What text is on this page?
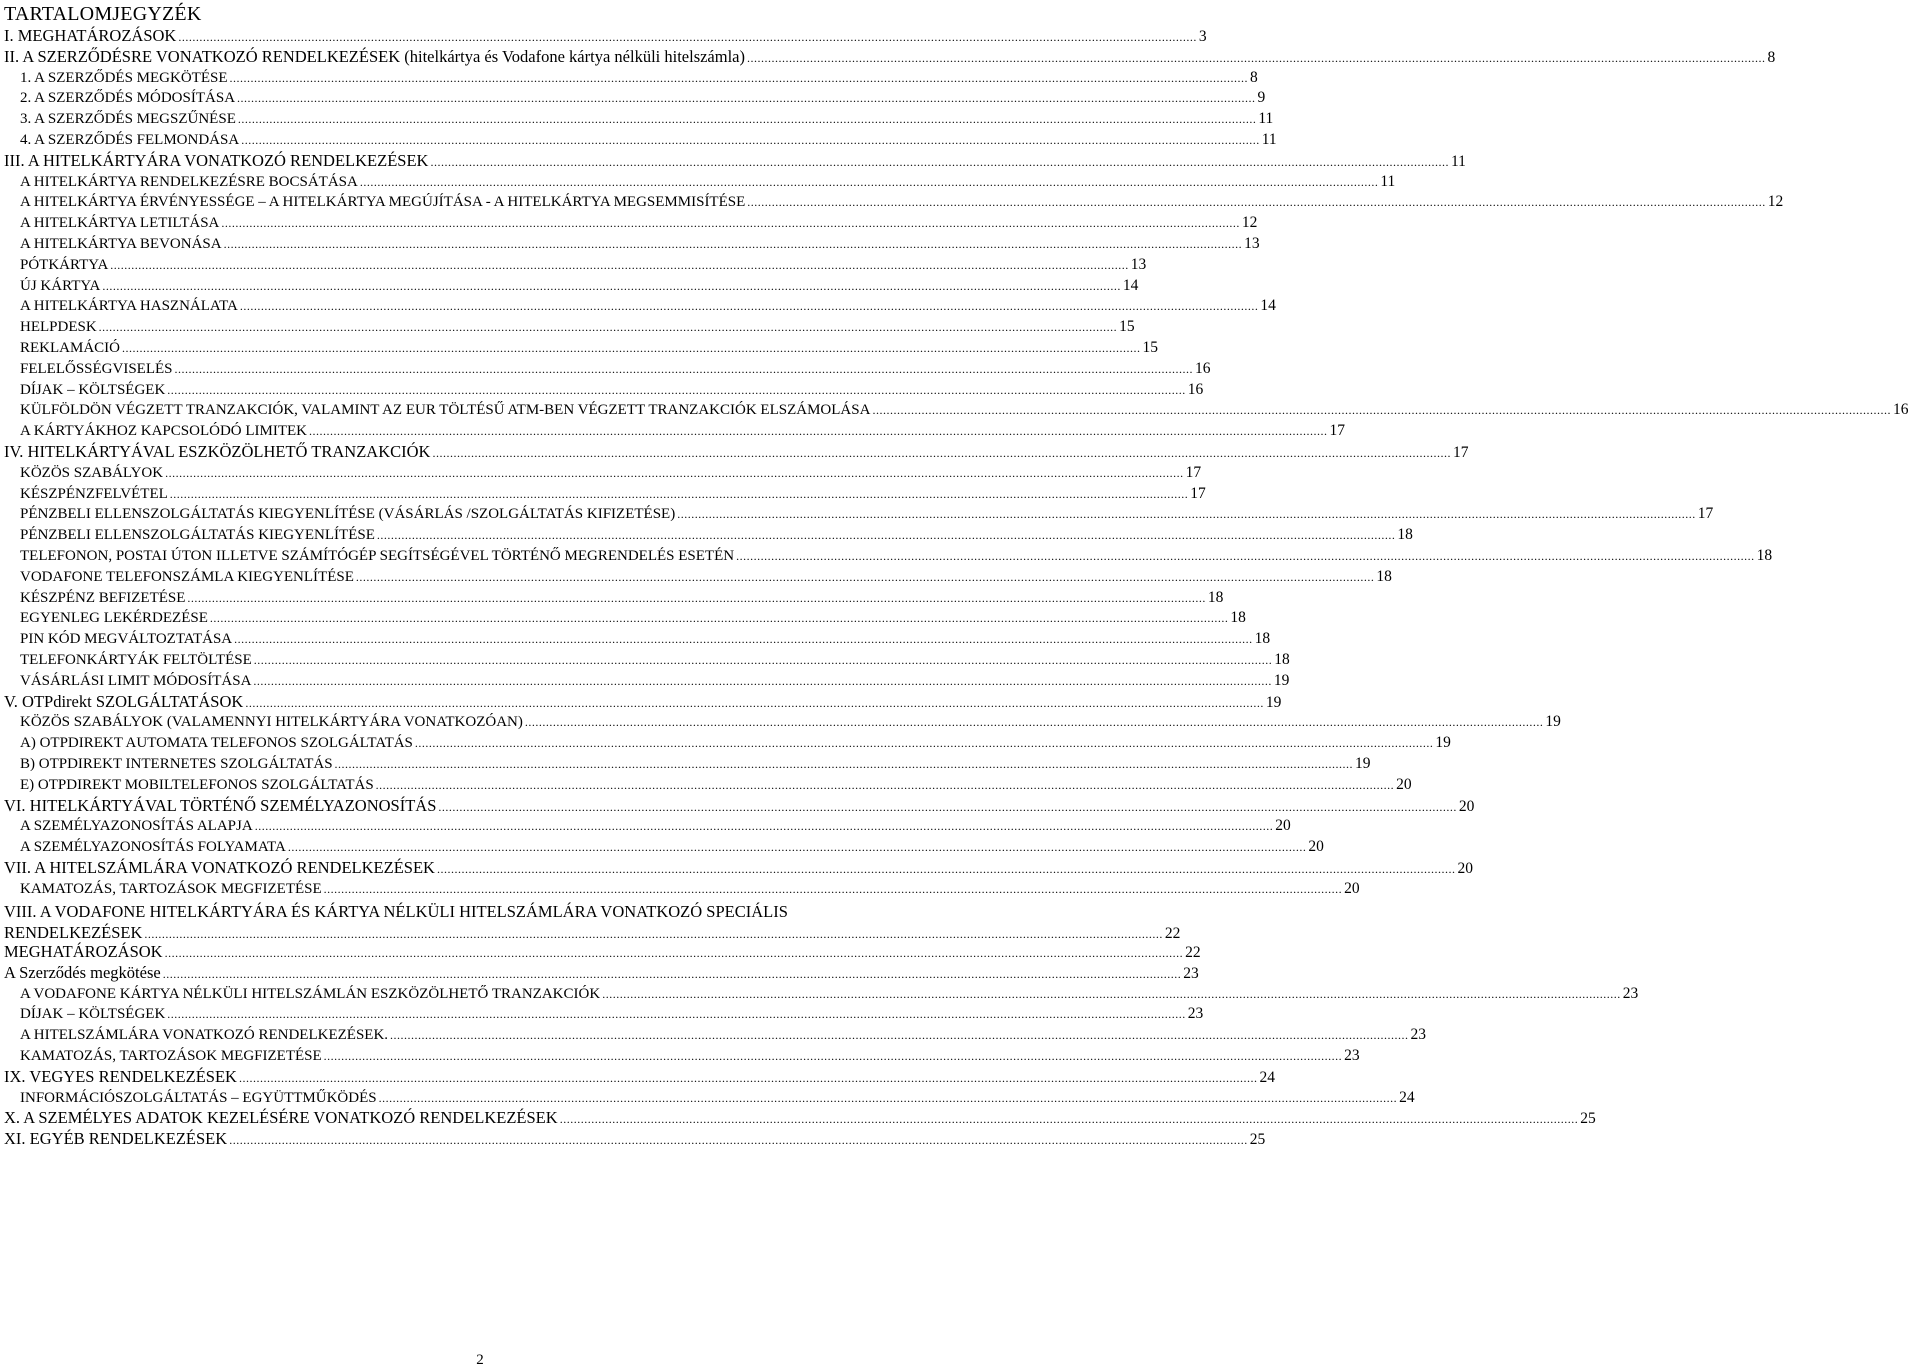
TARTALOMJEGYZÉK
I. MEGHATÁROZÁSOK .....	3
II. A SZERZŐDÉSRE VONATKOZÓ RENDELKEZÉSEK (hitelkártya és Vodafone kártya nélküli hitelszámla) .....	8
1. A SZERZŐDÉS MEGKÖTÉSE .....	8
2. A SZERZŐDÉS MÓDOSÍTÁSA .....	9
3. A SZERZŐDÉS MEGSZŰNÉSE .....	11
4. A SZERZŐDÉS FELMONDÁSA .....	11
III. A HITELKÁRTYÁRA VONATKOZÓ RENDELKEZÉSEK .....	11
A HITELKÁRTYA RENDELKEZÉSRE BOCSÁTÁSA .....	11
A HITELKÁRTYA ÉRVÉNYESSÉGE – A HITELKÁRTYA MEGÚJÍTÁSA - A HITELKÁRTYA MEGSEMMISÍTÉSE .....	12
A HITELKÁRTYA LETILTÁSA .....	12
A HITELKÁRTYA BEVONÁSA .....	13
PÓTKÁRTYA .....	13
ÚJ KÁRTYA .....	14
A HITELKÁRTYA HASZNÁLATA .....	14
HELPDESK .....	15
REKLAMÁCIÓ .....	15
FELELŐSSÉGVISELÉS .....	16
DÍJAK – KÖLTSÉGEK .....	16
KÜLFÖLDÖN VÉGZETT TRANZAKCIÓK, VALAMINT AZ EUR TÖLTÉSŰ ATM-BEN VÉGZETT TRANZAKCIÓK ELSZÁMOLÁSA .....	16
A KÁRTYÁKHOZ KAPCSOLÓDÓ LIMITEK .....	17
IV. HITELKÁRTYÁVAL ESZKÖZÖLHETŐ TRANZAKCIÓK .....	17
KÖZÖS SZABÁLYOK .....	17
KÉSZPÉNZFELVÉTEL .....	17
PÉNZBELI ELLENSZOLGÁLTATÁS KIEGYENLÍTÉSE (VÁSÁRLÁS /SZOLGÁLTATÁS KIFIZETÉSE) .....	17
PÉNZBELI ELLENSZOLGÁLTATÁS KIEGYENLÍTÉSE .....	18
TELEFONON, POSTAI ÚTON ILLETVE SZÁMÍTÓGÉP SEGÍTSÉGÉVEL TÖRTÉNŐ MEGRENDELÉS ESETÉN .....	18
VODAFONE TELEFONSZÁMLA KIEGYENLÍTÉSE .....	18
KÉSZPÉNZ BEFIZETÉSE .....	18
EGYENLEG LEKÉRDEZÉSE .....	18
PIN KÓD MEGVÁLTOZTATÁSA .....	18
TELEFONKÁRTYÁK FELTÖLTÉSE .....	18
VÁSÁRLÁSI LIMIT MÓDOSÍTÁSA .....	19
V. OTPdirekt SZOLGÁLTATÁSOK .....	19
KÖZÖS SZABÁLYOK (VALAMENNYI HITELKÁRTYÁRA VONATKOZÓAN) .....	19
A) OTPDIREKT AUTOMATA TELEFONOS SZOLGÁLTATÁS .....	19
B) OTPDIREKT INTERNETES SZOLGÁLTATÁS .....	19
E) OTPDIREKT MOBILTELEFONOS SZOLGÁLTATÁS .....	20
VI. HITELKÁRTYÁVAL TÖRTÉNŐ SZEMÉLYAZONOSÍTÁS .....	20
A SZEMÉLYAZONOSÍTÁS ALAPJA .....	20
A SZEMÉLYAZONOSÍTÁS FOLYAMATA .....	20
VII. A HITELSZÁMLÁRA VONATKOZÓ RENDELKEZÉSEK .....	20
KAMATOZÁS, TARTOZÁSOK MEGFIZETÉSE .....	20
VIII. A VODAFONE HITELKÁRTYÁRA ÉS KÁRTYA NÉLKÜLI HITELSZÁMLÁRA VONATKOZÓ SPECIÁLIS
RENDELKEZÉSEK .....	22
MEGHATÁROZÁSOK .....	22
A Szerződés megkötése .....	23
A VODAFONE KÁRTYA NÉLKÜLI HITELSZÁMLÁN ESZKÖZÖLHETŐ TRANZAKCIÓK .....	23
DÍJAK – KÖLTSÉGEK .....	23
A HITELSZÁMLÁRA VONATKOZÓ RENDELKEZÉSEK. .....	23
KAMATOZÁS, TARTOZÁSOK MEGFIZETÉSE .....	23
IX. VEGYES RENDELKEZÉSEK .....	24
INFORMÁCIÓSZOLGÁLTATÁS – EGYÜTTMŰKÖDÉS .....	24
X. A SZEMÉLYES ADATOK KEZELÉSÉRE VONATKOZÓ RENDELKEZÉSEK .....	25
XI. EGYÉB RENDELKEZÉSEK .....	25
2
